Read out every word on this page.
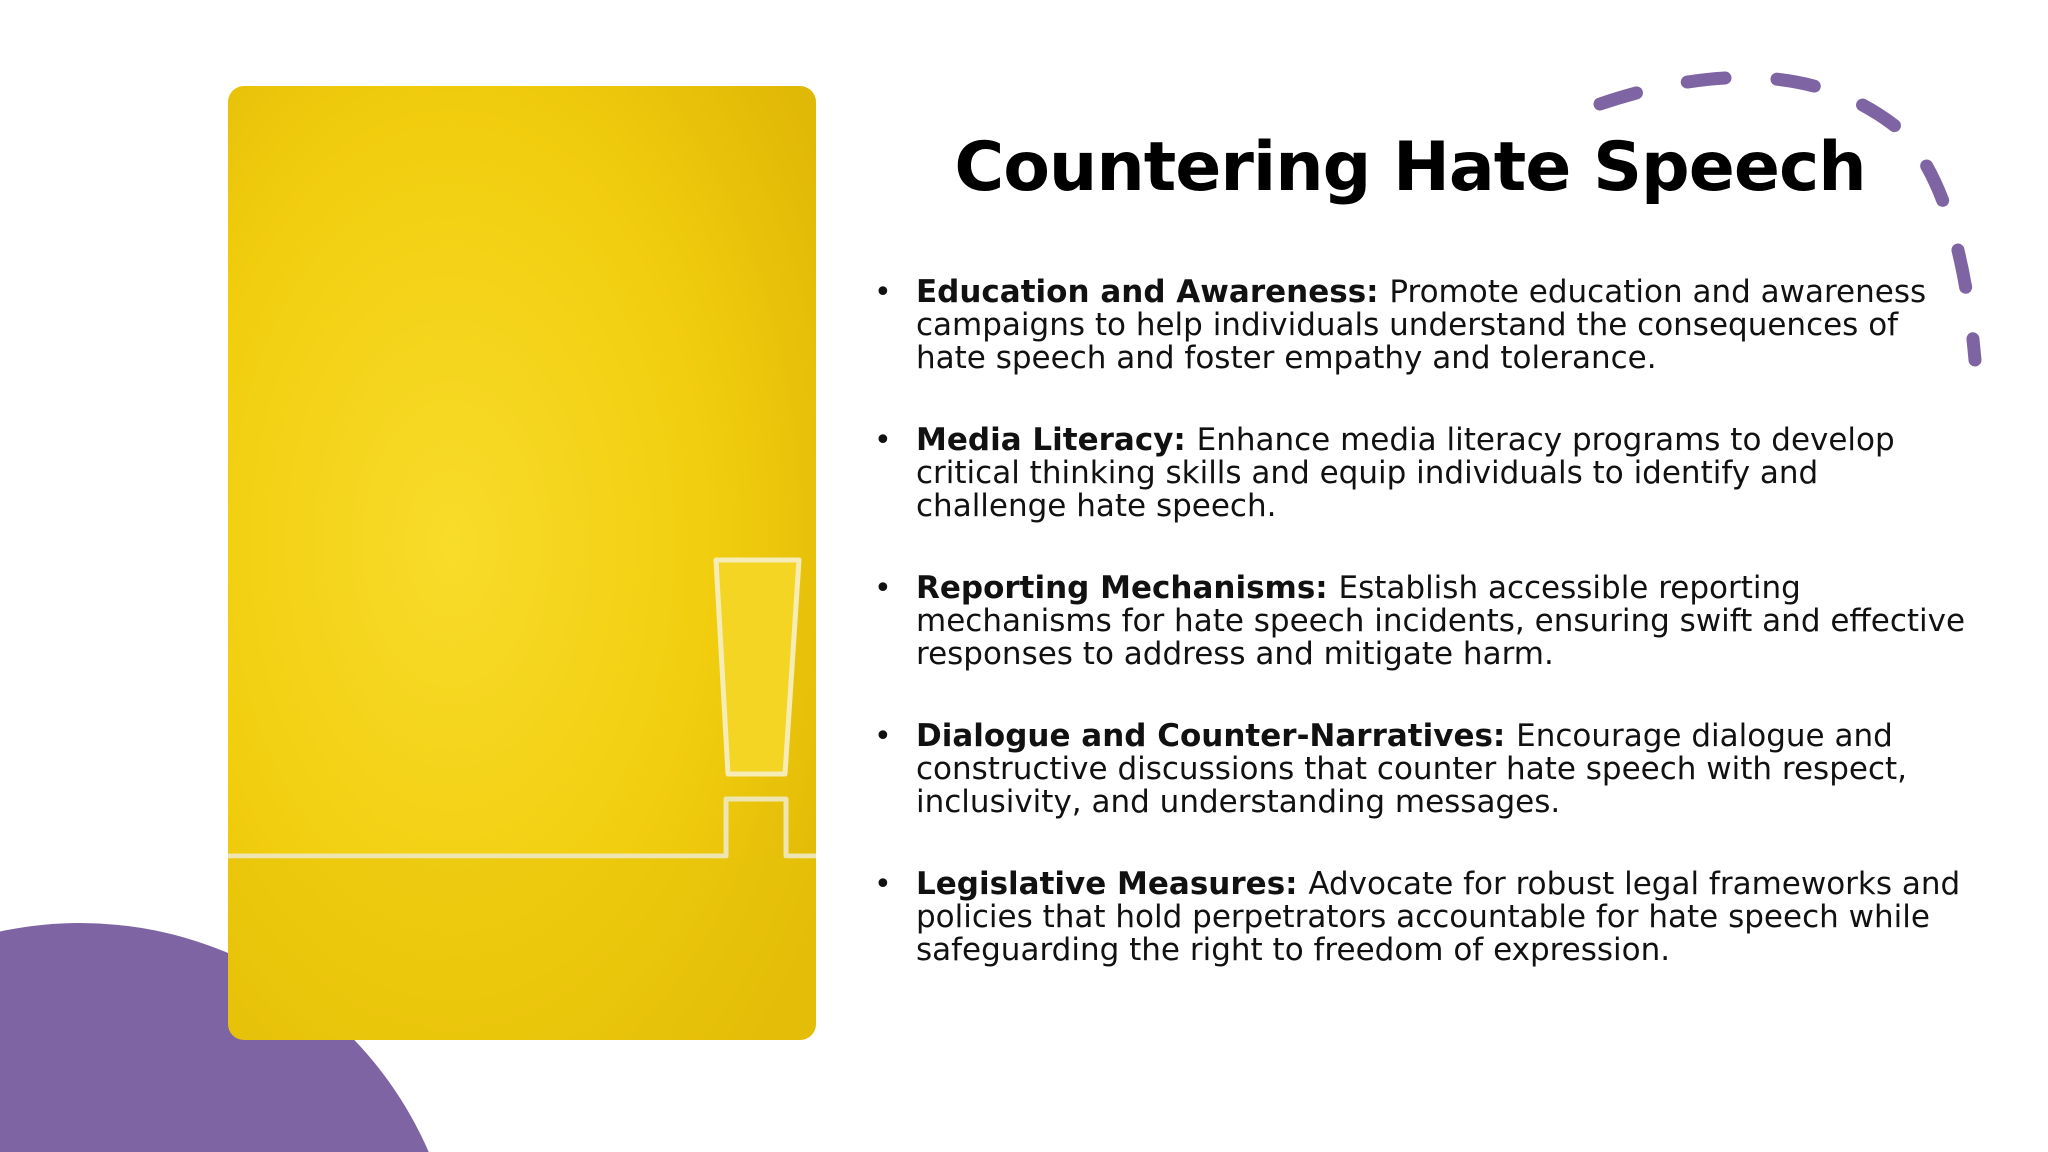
Countering Hate Speech
• Education and Awareness: Promote education and awareness campaigns to help individuals understand the consequences of hate speech and foster empathy and tolerance.
• Media Literacy: Enhance media literacy programs to develop critical thinking skills and equip individuals to identify and challenge hate speech.
• Reporting Mechanisms: Establish accessible reporting mechanisms for hate speech incidents, ensuring swift and effective responses to address and mitigate harm.
• Dialogue and Counter-Narratives: Encourage dialogue and constructive discussions that counter hate speech with respect, inclusivity, and understanding messages.
• Legislative Measures: Advocate for robust legal frameworks and policies that hold perpetrators accountable for hate speech while safeguarding the right to freedom of expression.
